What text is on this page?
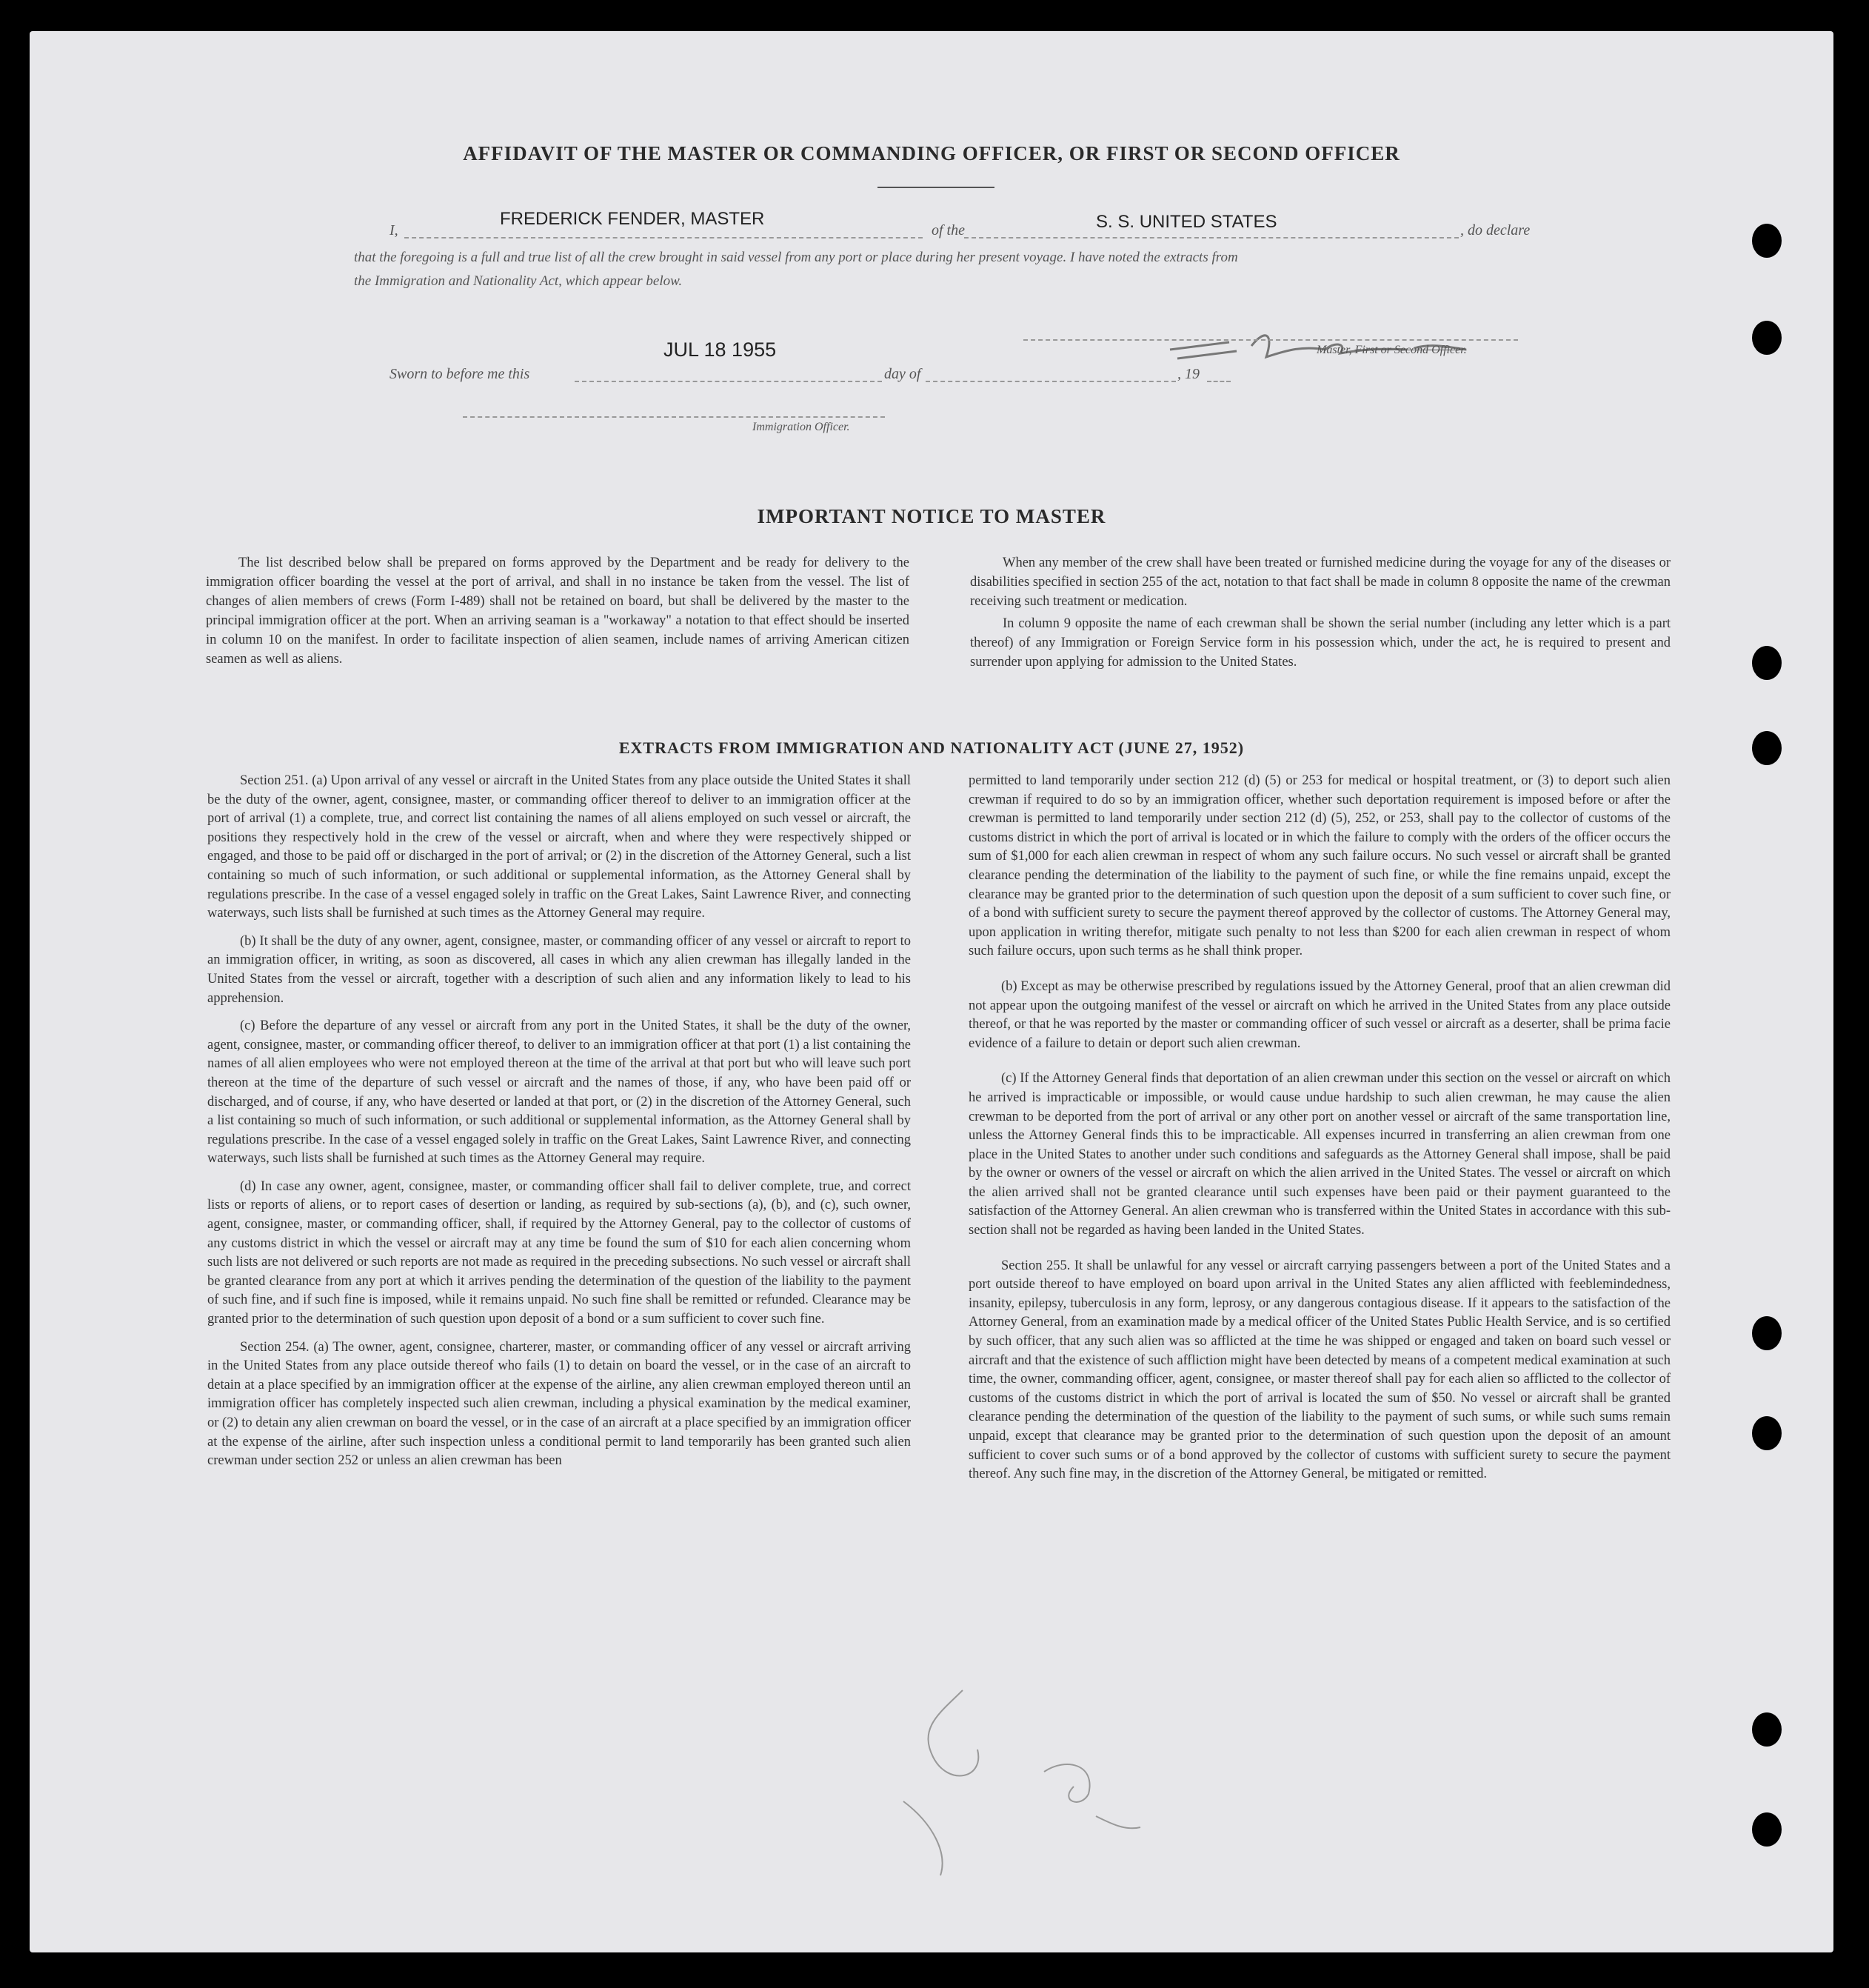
AFFIDAVIT OF THE MASTER OR COMMANDING OFFICER, OR FIRST OR SECOND OFFICER
I,
FREDERICK FENDER, MASTER
of the	S. S. UNITED STATES	, do declare
that the foregoing is a full and true list of all the crew brought in said vessel from any port or place during her present voyage. I have noted the extracts from
the Immigration and Nationality Act, which appear below.
Master, First or Second Officer.
JUL 18 1955
Sworn to before me this	day of	, 19
Immigration Officer.
IMPORTANT NOTICE TO MASTER

The list described below shall be prepared on forms approved by the Department and be ready for delivery to the immigration officer boarding the vessel at the port of arrival, and shall in no instance be taken from the vessel. The list of changes of alien members of crews (Form I-489) shall not be retained on board, but shall be delivered by the master to the principal immigration officer at the port. When an arriving seaman is a "workaway" a notation to that effect should be inserted in column 10 on the manifest. In order to facilitate inspection of alien seamen, include names of arriving American citizen seamen as well as aliens.

When any member of the crew shall have been treated or furnished medicine during the voyage for any of the diseases or disabilities specified in section 255 of the act, notation to that fact shall be made in column 8 opposite the name of the crewman receiving such treatment or medication.

In column 9 opposite the name of each crewman shall be shown the serial number (including any letter which is a part thereof) of any Immigration or Foreign Service form in his possession which, under the act, he is required to present and surrender upon applying for admission to the United States.

EXTRACTS FROM IMMIGRATION AND NATIONALITY ACT (JUNE 27, 1952)

Section 251. (a) Upon arrival of any vessel or aircraft in the United States from any place outside the United States it shall be the duty of the owner, agent, consignee, master, or commanding officer thereof to deliver to an immigration officer at the port of arrival (1) a complete, true, and correct list containing the names of all aliens employed on such vessel or aircraft, the positions they respectively hold in the crew of the vessel or aircraft, when and where they were respectively shipped or engaged, and those to be paid off or discharged in the port of arrival; or (2) in the discretion of the Attorney General, such a list containing so much of such information, or such additional or supplemental information, as the Attorney General shall by regulations prescribe. In the case of a vessel engaged solely in traffic on the Great Lakes, Saint Lawrence River, and connecting waterways, such lists shall be furnished at such times as the Attorney General may require.

(b) It shall be the duty of any owner, agent, consignee, master, or commanding officer of any vessel or aircraft to report to an immigration officer, in writing, as soon as discovered, all cases in which any alien crewman has illegally landed in the United States from the vessel or aircraft, together with a description of such alien and any information likely to lead to his apprehension.

(c) Before the departure of any vessel or aircraft from any port in the United States, it shall be the duty of the owner, agent, consignee, master, or commanding officer thereof, to deliver to an immigration officer at that port (1) a list containing the names of all alien employees who were not employed thereon at the time of the arrival at that port but who will leave such port thereon at the time of the departure of such vessel or aircraft and the names of those, if any, who have been paid off or discharged, and of course, if any, who have deserted or landed at that port, or (2) in the discretion of the Attorney General, such a list containing so much of such information, or such additional or supplemental information, as the Attorney General shall by regulations prescribe. In the case of a vessel engaged solely in traffic on the Great Lakes, Saint Lawrence River, and connecting waterways, such lists shall be furnished at such times as the Attorney General may require.

(d) In case any owner, agent, consignee, master, or commanding officer shall fail to deliver complete, true, and correct lists or reports of aliens, or to report cases of desertion or landing, as required by sub-sections (a), (b), and (c), such owner, agent, consignee, master, or commanding officer, shall, if required by the Attorney General, pay to the collector of customs of any customs district in which the vessel or aircraft may at any time be found the sum of $10 for each alien concerning whom such lists are not delivered or such reports are not made as required in the preceding subsections. No such vessel or aircraft shall be granted clearance from any port at which it arrives pending the determination of the question of the liability to the payment of such fine, and if such fine is imposed, while it remains unpaid. No such fine shall be remitted or refunded. Clearance may be granted prior to the determination of such question upon deposit of a bond or a sum sufficient to cover such fine.

Section 254. (a) The owner, agent, consignee, charterer, master, or commanding officer of any vessel or aircraft arriving in the United States from any place outside thereof who fails (1) to detain on board the vessel, or in the case of an aircraft to detain at a place specified by an immigration officer at the expense of the airline, any alien crewman employed thereon until an immigration officer has completely inspected such alien crewman, including a physical examination by the medical examiner, or (2) to detain any alien crewman on board the vessel, or in the case of an aircraft at a place specified by an immigration officer at the expense of the airline, after such inspection unless a conditional permit to land temporarily has been granted such alien crewman under section 252 or unless an alien crewman has been

permitted to land temporarily under section 212 (d) (5) or 253 for medical or hospital treatment, or (3) to deport such alien crewman if required to do so by an immigration officer, whether such deportation requirement is imposed before or after the crewman is permitted to land temporarily under section 212 (d) (5), 252, or 253, shall pay to the collector of customs of the customs district in which the port of arrival is located or in which the failure to comply with the orders of the officer occurs the sum of $1,000 for each alien crewman in respect of whom any such failure occurs. No such vessel or aircraft shall be granted clearance pending the determination of the liability to the payment of such fine, or while the fine remains unpaid, except the clearance may be granted prior to the determination of such question upon the deposit of a sum sufficient to cover such fine, or of a bond with sufficient surety to secure the payment thereof approved by the collector of customs. The Attorney General may, upon application in writing therefor, mitigate such penalty to not less than $200 for each alien crewman in respect of whom such failure occurs, upon such terms as he shall think proper.

(b) Except as may be otherwise prescribed by regulations issued by the Attorney General, proof that an alien crewman did not appear upon the outgoing manifest of the vessel or aircraft on which he arrived in the United States from any place outside thereof, or that he was reported by the master or commanding officer of such vessel or aircraft as a deserter, shall be prima facie evidence of a failure to detain or deport such alien crewman.

(c) If the Attorney General finds that deportation of an alien crewman under this section on the vessel or aircraft on which he arrived is impracticable or impossible, or would cause undue hardship to such alien crewman, he may cause the alien crewman to be deported from the port of arrival or any other port on another vessel or aircraft of the same transportation line, unless the Attorney General finds this to be impracticable. All expenses incurred in transferring an alien crewman from one place in the United States to another under such conditions and safeguards as the Attorney General shall impose, shall be paid by the owner or owners of the vessel or aircraft on which the alien arrived in the United States. The vessel or aircraft on which the alien arrived shall not be granted clearance until such expenses have been paid or their payment guaranteed to the satisfaction of the Attorney General. An alien crewman who is transferred within the United States in accordance with this sub-section shall not be regarded as having been landed in the United States.

Section 255. It shall be unlawful for any vessel or aircraft carrying passengers between a port of the United States and a port outside thereof to have employed on board upon arrival in the United States any alien afflicted with feeblemindedness, insanity, epilepsy, tuberculosis in any form, leprosy, or any dangerous contagious disease. If it appears to the satisfaction of the Attorney General, from an examination made by a medical officer of the United States Public Health Service, and is so certified by such officer, that any such alien was so afflicted at the time he was shipped or engaged and taken on board such vessel or aircraft and that the existence of such affliction might have been detected by means of a competent medical examination at such time, the owner, commanding officer, agent, consignee, or master thereof shall pay for each alien so afflicted to the collector of customs of the customs district in which the port of arrival is located the sum of $50. No vessel or aircraft shall be granted clearance pending the determination of the question of the liability to the payment of such sums, or while such sums remain unpaid, except that clearance may be granted prior to the determination of such question upon the deposit of an amount sufficient to cover such sums or of a bond approved by the collector of customs with sufficient surety to secure the payment thereof. Any such fine may, in the discretion of the Attorney General, be mitigated or remitted.
